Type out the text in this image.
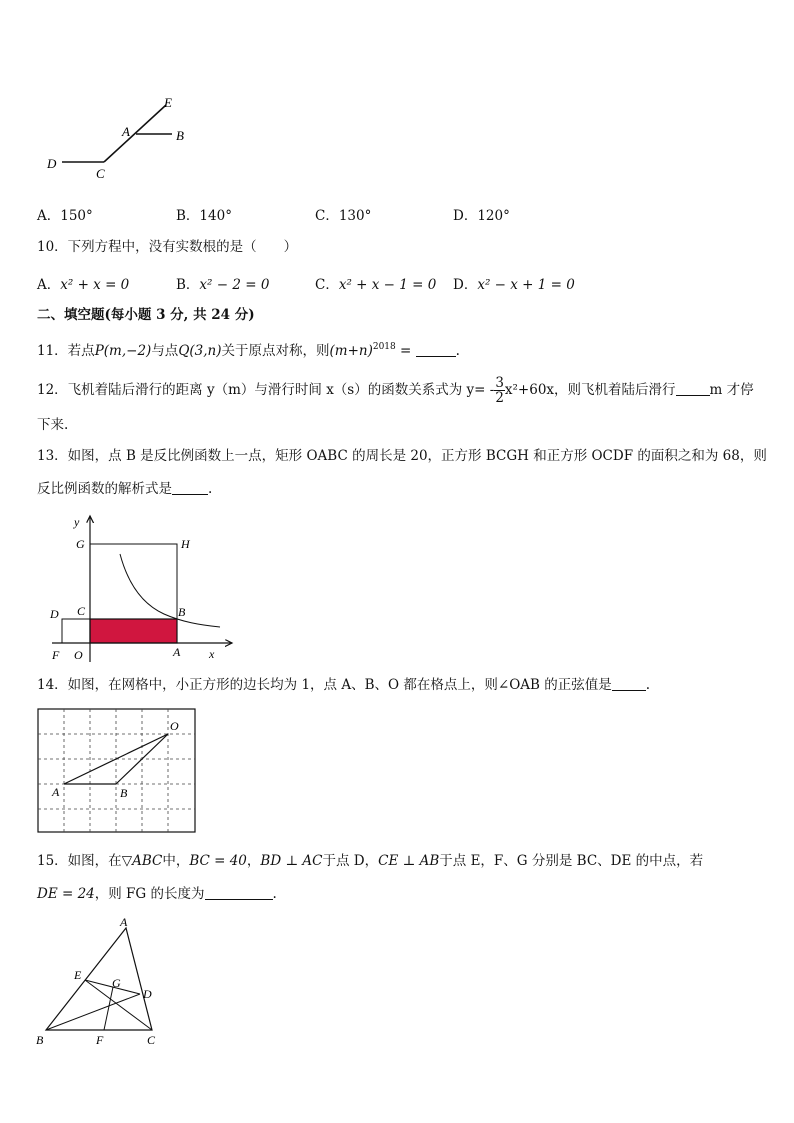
E
A	B
D
C
A．150°	B．140°	C．130°	D．120°
10．下列方程中，没有实数根的是（　　）
A．x² + x = 0	B．x² − 2 = 0	C．x² + x − 1 = 0 D．x² − x + 1 = 0
二、填空题(每小题 3 分, 共 24 分)
11．若点P(m,−2)与点Q(3,n)关于原点对称，则$(m+n)^{2018}$ =	.
12．飞机着陆后滑行的距离 y（m）与滑行时间 x（s）的函数关系式为 $y= - \frac{3}{2} x^2+60x$，则飞机着陆后滑行	m 才停
下来.
13．如图，点 B 是反比例函数上一点，矩形 OABC 的周长是 20，正方形 BCGH 和正方形 OCDF 的面积之和为 68，则
反比例函数的解析式是	.
y
x
G	H
D C	B
F O	A
14．如图，在网格中，小正方形的边长均为 1，点 A、B、O 都在格点上，则∠OAB 的正弦值是	.
O
A	B
15．如图，在▽ABC中，BC = 40，BD ⊥ AC于点 D，CE ⊥ AB于点 E，F、G 分别是 BC、DE 的中点，若
DE = 24，则 FG 的长度为	.
A
E
G
D
B	F	C
